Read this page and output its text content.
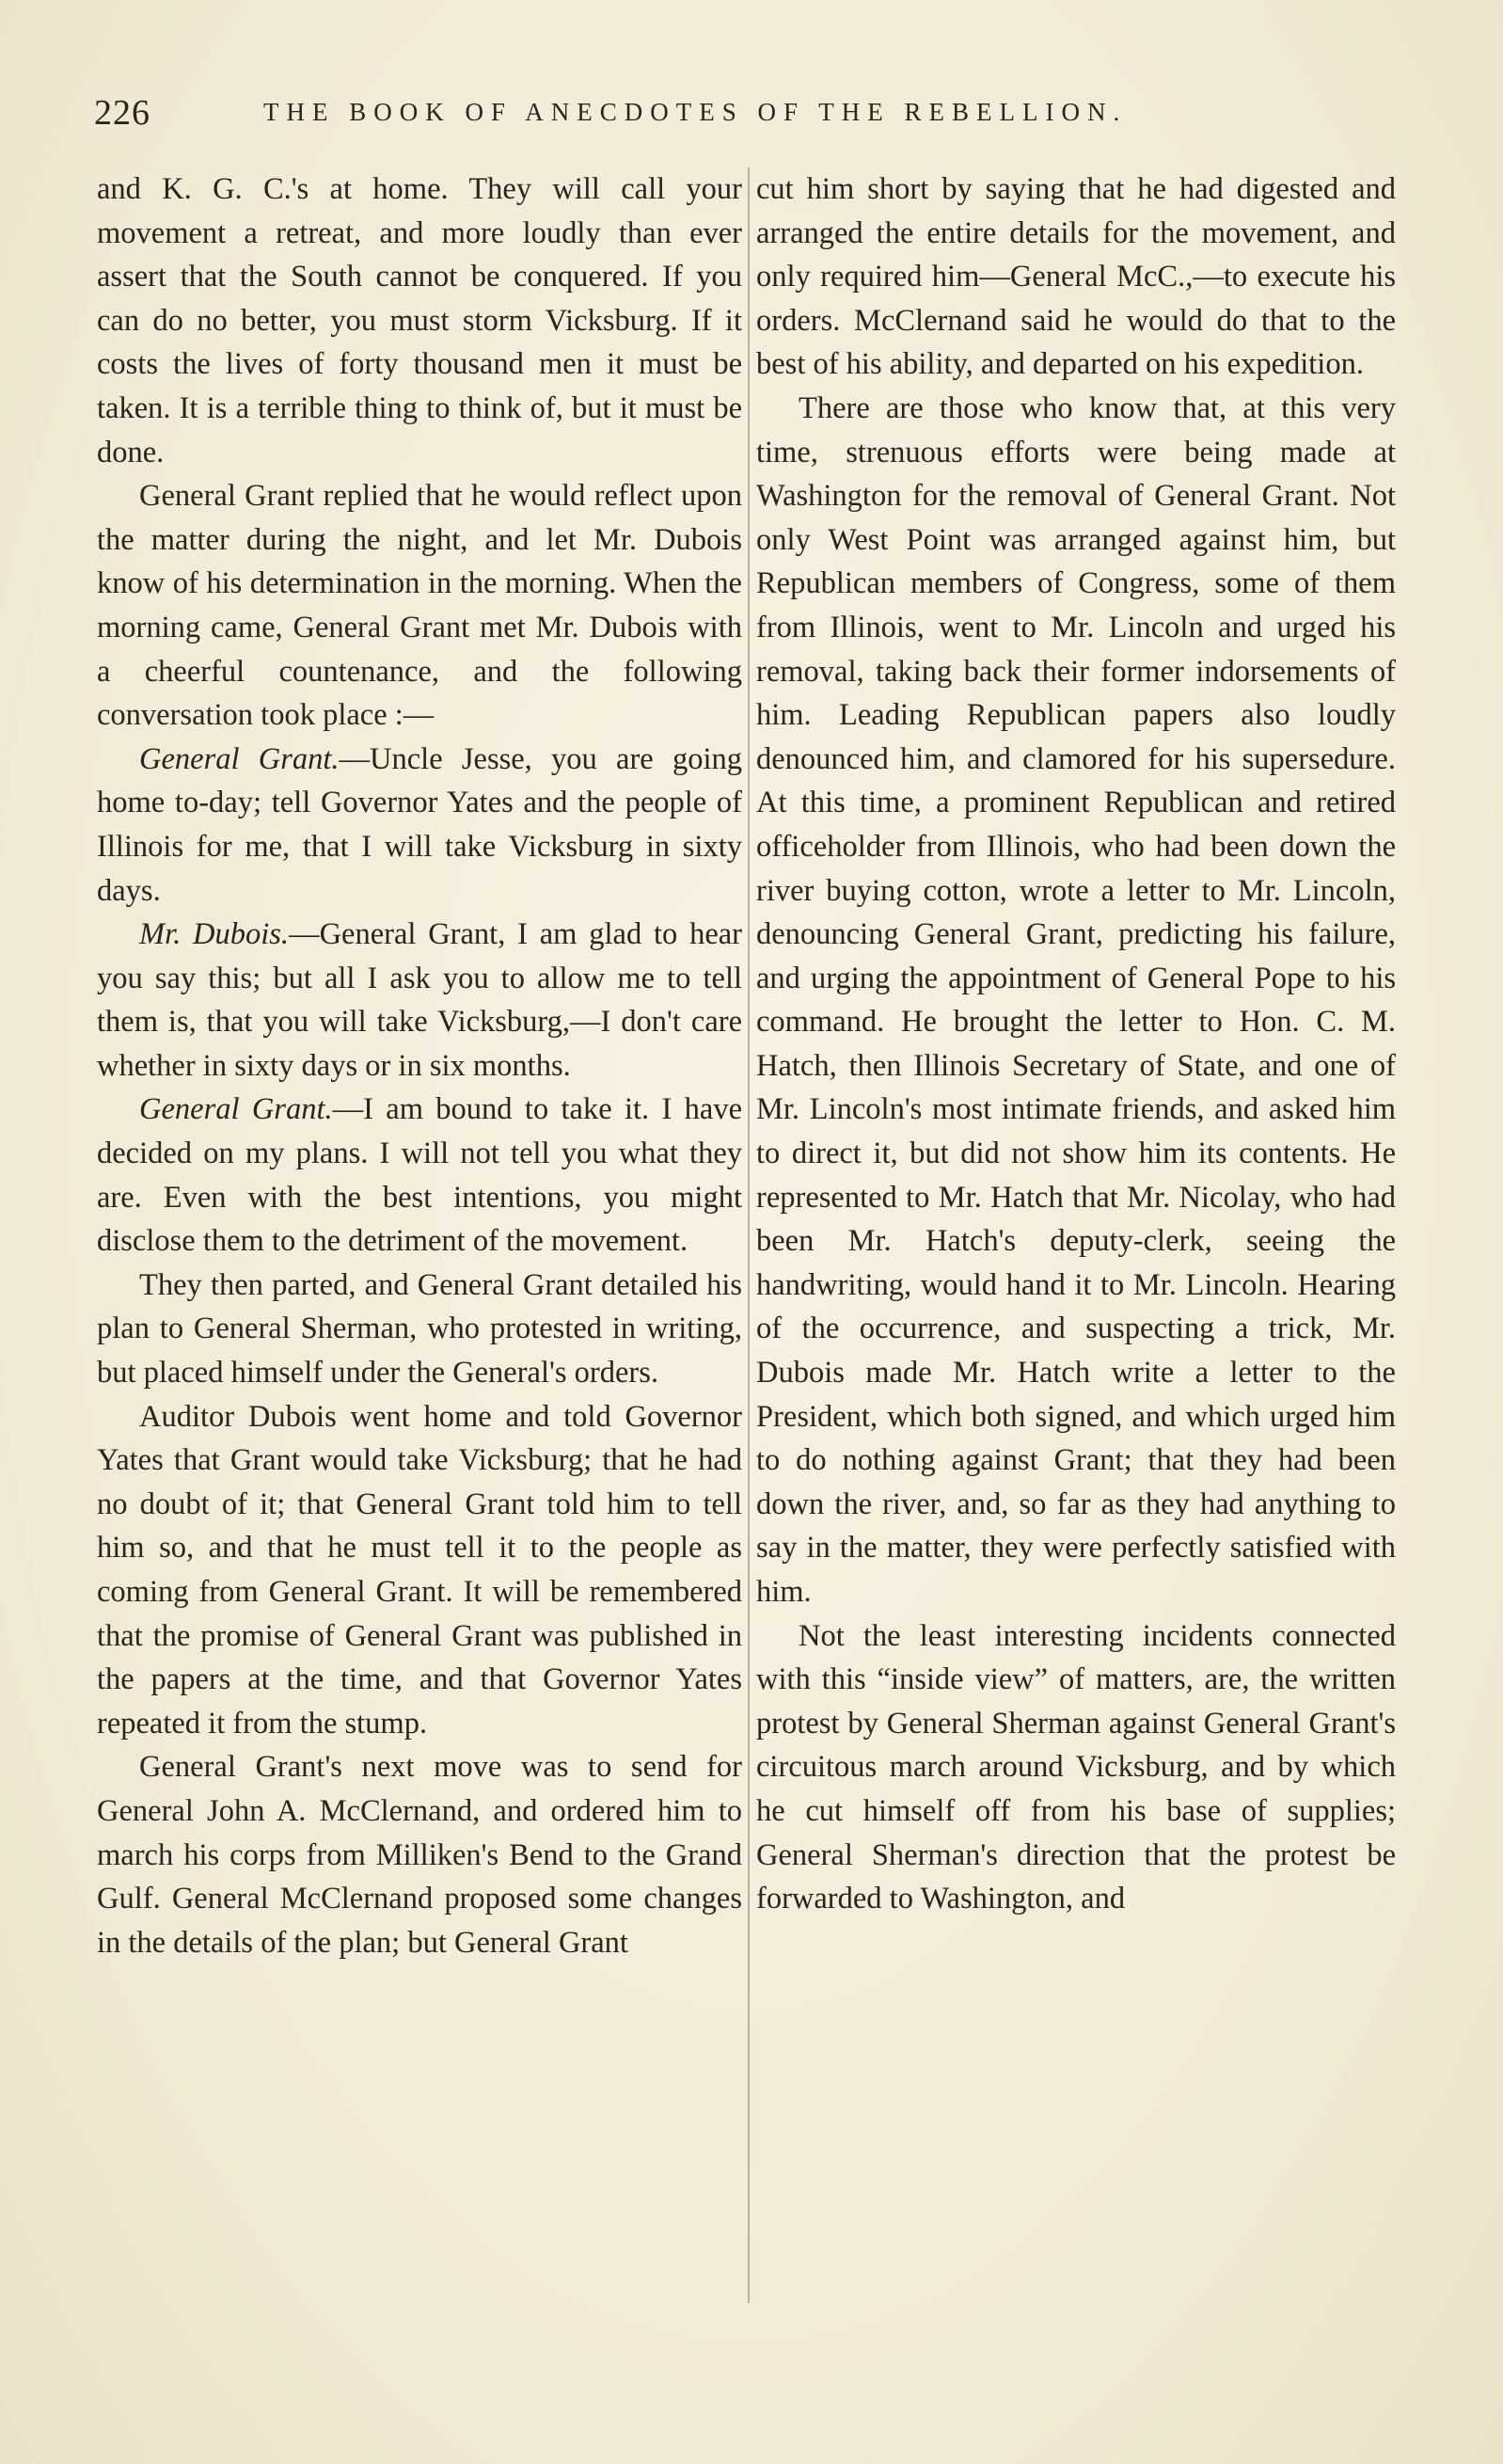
226	THE BOOK OF ANECDOTES OF THE REBELLION.

and K. G. C.'s at home. They will call your movement a retreat, and more loudly than ever assert that the South cannot be conquered. If you can do no better, you must storm Vicksburg. If it costs the lives of forty thousand men it must be taken. It is a terrible thing to think of, but it must be done.

General Grant replied that he would reflect upon the matter during the night, and let Mr. Dubois know of his determination in the morning. When the morning came, General Grant met Mr. Dubois with a cheerful countenance, and the following conversation took place :—

General Grant.—Uncle Jesse, you are going home to-day; tell Governor Yates and the people of Illinois for me, that I will take Vicksburg in sixty days.

Mr. Dubois.—General Grant, I am glad to hear you say this; but all I ask you to allow me to tell them is, that you will take Vicksburg,—I don't care whether in sixty days or in six months.

General Grant.—I am bound to take it. I have decided on my plans. I will not tell you what they are. Even with the best intentions, you might disclose them to the detriment of the movement.

They then parted, and General Grant detailed his plan to General Sherman, who protested in writing, but placed himself under the General's orders.

Auditor Dubois went home and told Governor Yates that Grant would take Vicksburg; that he had no doubt of it; that General Grant told him to tell him so, and that he must tell it to the people as coming from General Grant. It will be remembered that the promise of General Grant was published in the papers at the time, and that Governor Yates repeated it from the stump.

General Grant's next move was to send for General John A. McClernand, and ordered him to march his corps from Milliken's Bend to the Grand Gulf. General McClernand proposed some changes in the details of the plan; but General Grant

cut him short by saying that he had digested and arranged the entire details for the movement, and only required him—General McC.,—to execute his orders. McClernand said he would do that to the best of his ability, and departed on his expedition.

There are those who know that, at this very time, strenuous efforts were being made at Washington for the removal of General Grant. Not only West Point was arranged against him, but Republican members of Congress, some of them from Illinois, went to Mr. Lincoln and urged his removal, taking back their former indorsements of him. Leading Republican papers also loudly denounced him, and clamored for his supersedure. At this time, a prominent Republican and retired officeholder from Illinois, who had been down the river buying cotton, wrote a letter to Mr. Lincoln, denouncing General Grant, predicting his failure, and urging the appointment of General Pope to his command. He brought the letter to Hon. C. M. Hatch, then Illinois Secretary of State, and one of Mr. Lincoln's most intimate friends, and asked him to direct it, but did not show him its contents. He represented to Mr. Hatch that Mr. Nicolay, who had been Mr. Hatch's deputy-clerk, seeing the handwriting, would hand it to Mr. Lincoln. Hearing of the occurrence, and suspecting a trick, Mr. Dubois made Mr. Hatch write a letter to the President, which both signed, and which urged him to do nothing against Grant; that they had been down the river, and, so far as they had anything to say in the matter, they were perfectly satisfied with him.

Not the least interesting incidents connected with this “inside view” of matters, are, the written protest by General Sherman against General Grant's circuitous march around Vicksburg, and by which he cut himself off from his base of supplies; General Sherman's direction that the protest be forwarded to Washington, and
